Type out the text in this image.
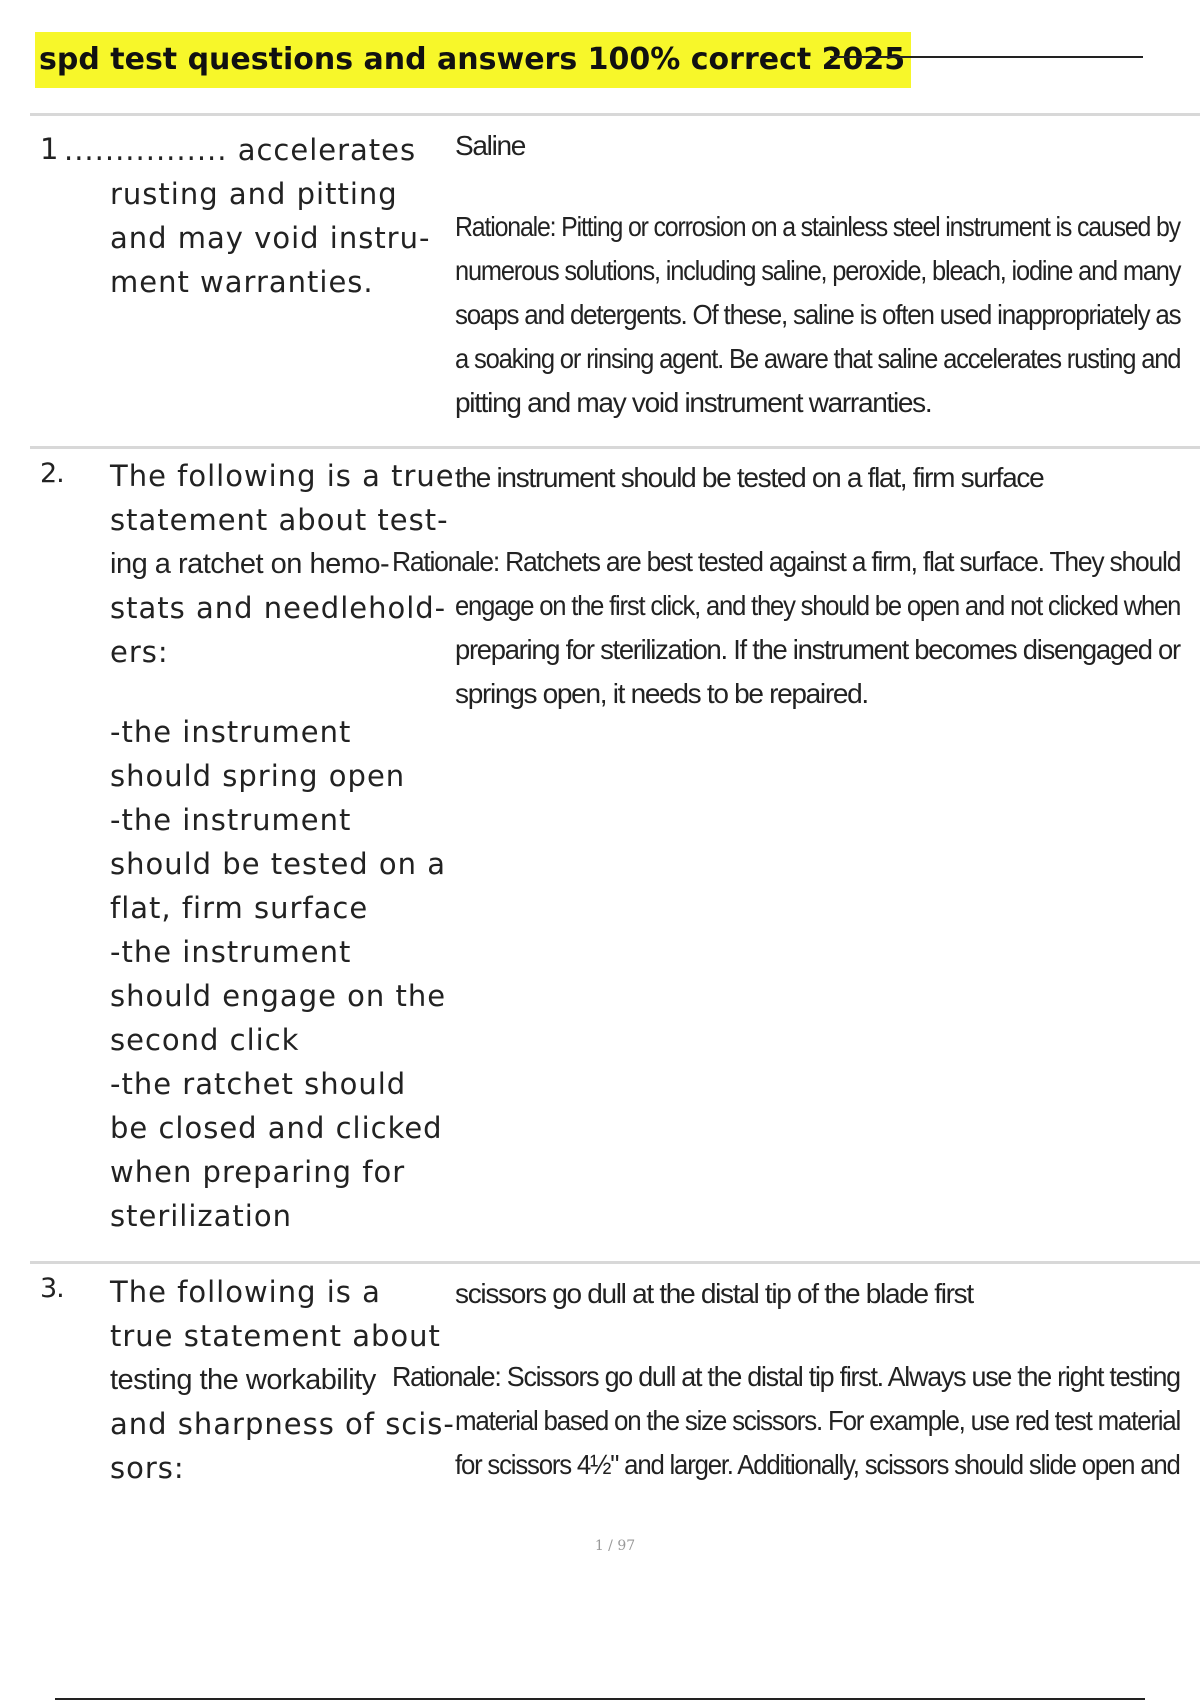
spd test questions and answers 100% correct 2025
1 ................ accelerates
rusting and pitting
and may void instru-
ment warranties.
Saline
Rationale: Pitting or corrosion on a stainless steel instrument is caused by
numerous solutions, including saline, peroxide, bleach, iodine and many
soaps and detergents. Of these, saline is often used inappropriately as
a soaking or rinsing agent. Be aware that saline accelerates rusting and
pitting and may void instrument warranties.
2. The following is a true
statement about test-
ing a ratchet on hemo-
stats and needlehold-
ers:
-the instrument
should spring open
-the instrument
should be tested on a
flat, firm surface
-the instrument
should engage on the
second click
-the ratchet should
be closed and clicked
when preparing for
sterilization
the instrument should be tested on a flat, firm surface
Rationale: Ratchets are best tested against a firm, flat surface. They should
engage on the first click, and they should be open and not clicked when
preparing for sterilization. If the instrument becomes disengaged or
springs open, it needs to be repaired.
3. The following is a
true statement about
testing the workability
and sharpness of scis-
sors:
scissors go dull at the distal tip of the blade first
Rationale: Scissors go dull at the distal tip first. Always use the right testing
material based on the size scissors. For example, use red test material
for scissors 4½" and larger. Additionally, scissors should slide open and
1 / 97
